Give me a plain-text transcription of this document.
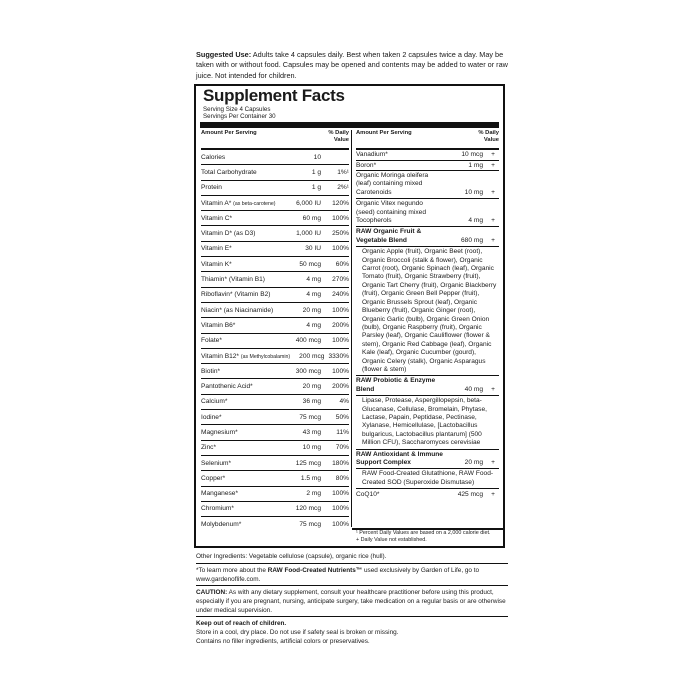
Suggested Use: Adults take 4 capsules daily. Best when taken 2 capsules twice a day. May be taken with or without food. Capsules may be opened and contents may be added to water or raw juice. Not intended for children.
Supplement Facts
Serving Size 4 Capsules
Servings Per Container 30
Amount Per Serving	% Daily Value
Calories	10
Total Carbohydrate	1 g	1%¹
Protein	1 g	2%¹
Vitamin A* (as beta-carotene)	6,000 IU	120%
Vitamin C*	60 mg	100%
Vitamin D* (as D3)	1,000 IU	250%
Vitamin E*	30 IU	100%
Vitamin K*	50 mcg	60%
Thiamin* (Vitamin B1)	4 mg	270%
Riboflavin* (Vitamin B2)	4 mg	240%
Niacin* (as Niacinamide)	20 mg	100%
Vitamin B6*	4 mg	200%
Folate*	400 mcg	100%
Vitamin B12* (as Methylcobalamin)	200 mcg 3330%
Biotin*	300 mcg	100%
Pantothenic Acid*	20 mg	200%
Calcium*	36 mg	4%
Iodine*	75 mcg	50%
Magnesium*	43 mg	11%
Zinc*	10 mg	70%
Selenium*	125 mcg	180%
Copper*	1.5 mg	80%
Manganese*	2 mg	100%
Chromium*	120 mcg	100%
Molybdenum*	75 mcg	100%
Amount Per Serving	% Daily Value
Vanadium*	10 mcg	+
Boron*	1 mg	+
Organic Moringa oleifera (leaf) containing mixed Carotenoids	10 mg	+
Organic Vitex negundo (seed) containing mixed Tocopherols	4 mg	+
RAW Organic Fruit & Vegetable Blend	680 mg	+
Organic Apple (fruit), Organic Beet (root), Organic Broccoli (stalk & flower), Organic Carrot (root), Organic Spinach (leaf), Organic Tomato (fruit), Organic Strawberry (fruit), Organic Tart Cherry (fruit), Organic Blackberry (fruit), Organic Green Bell Pepper (fruit), Organic Brussels Sprout (leaf), Organic Blueberry (fruit), Organic Ginger (root), Organic Garlic (bulb), Organic Green Onion (bulb), Organic Raspberry (fruit), Organic Parsley (leaf), Organic Cauliflower (flower & stem), Organic Red Cabbage (leaf), Organic Kale (leaf), Organic Cucumber (gourd), Organic Celery (stalk), Organic Asparagus (flower & stem)
RAW Probiotic & Enzyme Blend	40 mg	+
Lipase, Protease, Aspergillopepsin, beta-Glucanase, Cellulase, Bromelain, Phytase, Lactase, Papain, Peptidase, Pectinase, Xylanase, Hemicellulase, [Lactobacillus bulgaricus, Lactobacillus plantarum] (500 Million CFU), Saccharomyces cerevisiae
RAW Antioxidant & Immune Support Complex	20 mg	+
RAW Food-Created Glutathione, RAW Food-Created SOD (Superoxide Dismutase)
CoQ10*	425 mcg	+
¹ Percent Daily Values are based on a 2,000 calorie diet.
+ Daily Value not established.
Other Ingredients: Vegetable cellulose (capsule), organic rice (hull).
*To learn more about the RAW Food-Created Nutrients™ used exclusively by Garden of Life, go to www.gardenoflife.com.
CAUTION: As with any dietary supplement, consult your healthcare practitioner before using this product, especially if you are pregnant, nursing, anticipate surgery, take medication on a regular basis or are otherwise under medical supervision.
Keep out of reach of children.
Store in a cool, dry place. Do not use if safety seal is broken or missing.
Contains no filler ingredients, artificial colors or preservatives.
